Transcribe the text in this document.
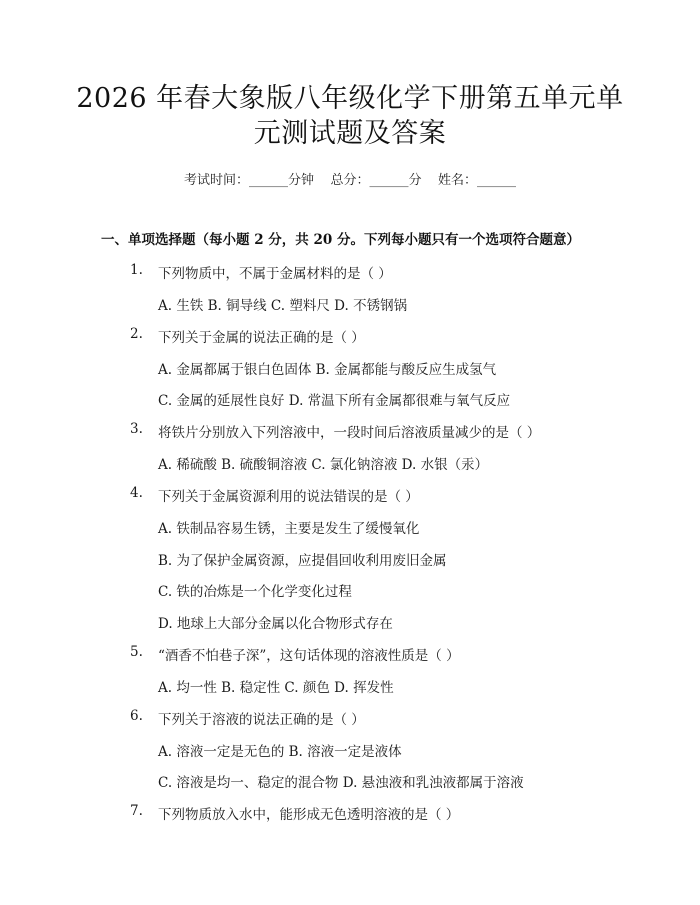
2026 年春大象版八年级化学下册第五单元单
元测试题及答案
考试时间：______分钟    总分：______分    姓名：______
一、单项选择题（每小题 2 分，共 20 分。下列每小题只有一个选项符合题意）
1. 下列物质中，不属于金属材料的是（ ）
A. 生铁 B. 铜导线 C. 塑料尺 D. 不锈钢锅
2. 下列关于金属的说法正确的是（ ）
A. 金属都属于银白色固体 B. 金属都能与酸反应生成氢气
C. 金属的延展性良好 D. 常温下所有金属都很难与氧气反应
3. 将铁片分别放入下列溶液中，一段时间后溶液质量减少的是（ ）
A. 稀硫酸 B. 硫酸铜溶液 C. 氯化钠溶液 D. 水银（汞）
4. 下列关于金属资源利用的说法错误的是（ ）
A. 铁制品容易生锈，主要是发生了缓慢氧化
B. 为了保护金属资源，应提倡回收利用废旧金属
C. 铁的冶炼是一个化学变化过程
D. 地球上大部分金属以化合物形式存在
5. “酒香不怕巷子深”，这句话体现的溶液性质是（ ）
A. 均一性 B. 稳定性 C. 颜色 D. 挥发性
6. 下列关于溶液的说法正确的是（ ）
A. 溶液一定是无色的 B. 溶液一定是液体
C. 溶液是均一、稳定的混合物 D. 悬浊液和乳浊液都属于溶液
7. 下列物质放入水中，能形成无色透明溶液的是（ ）
